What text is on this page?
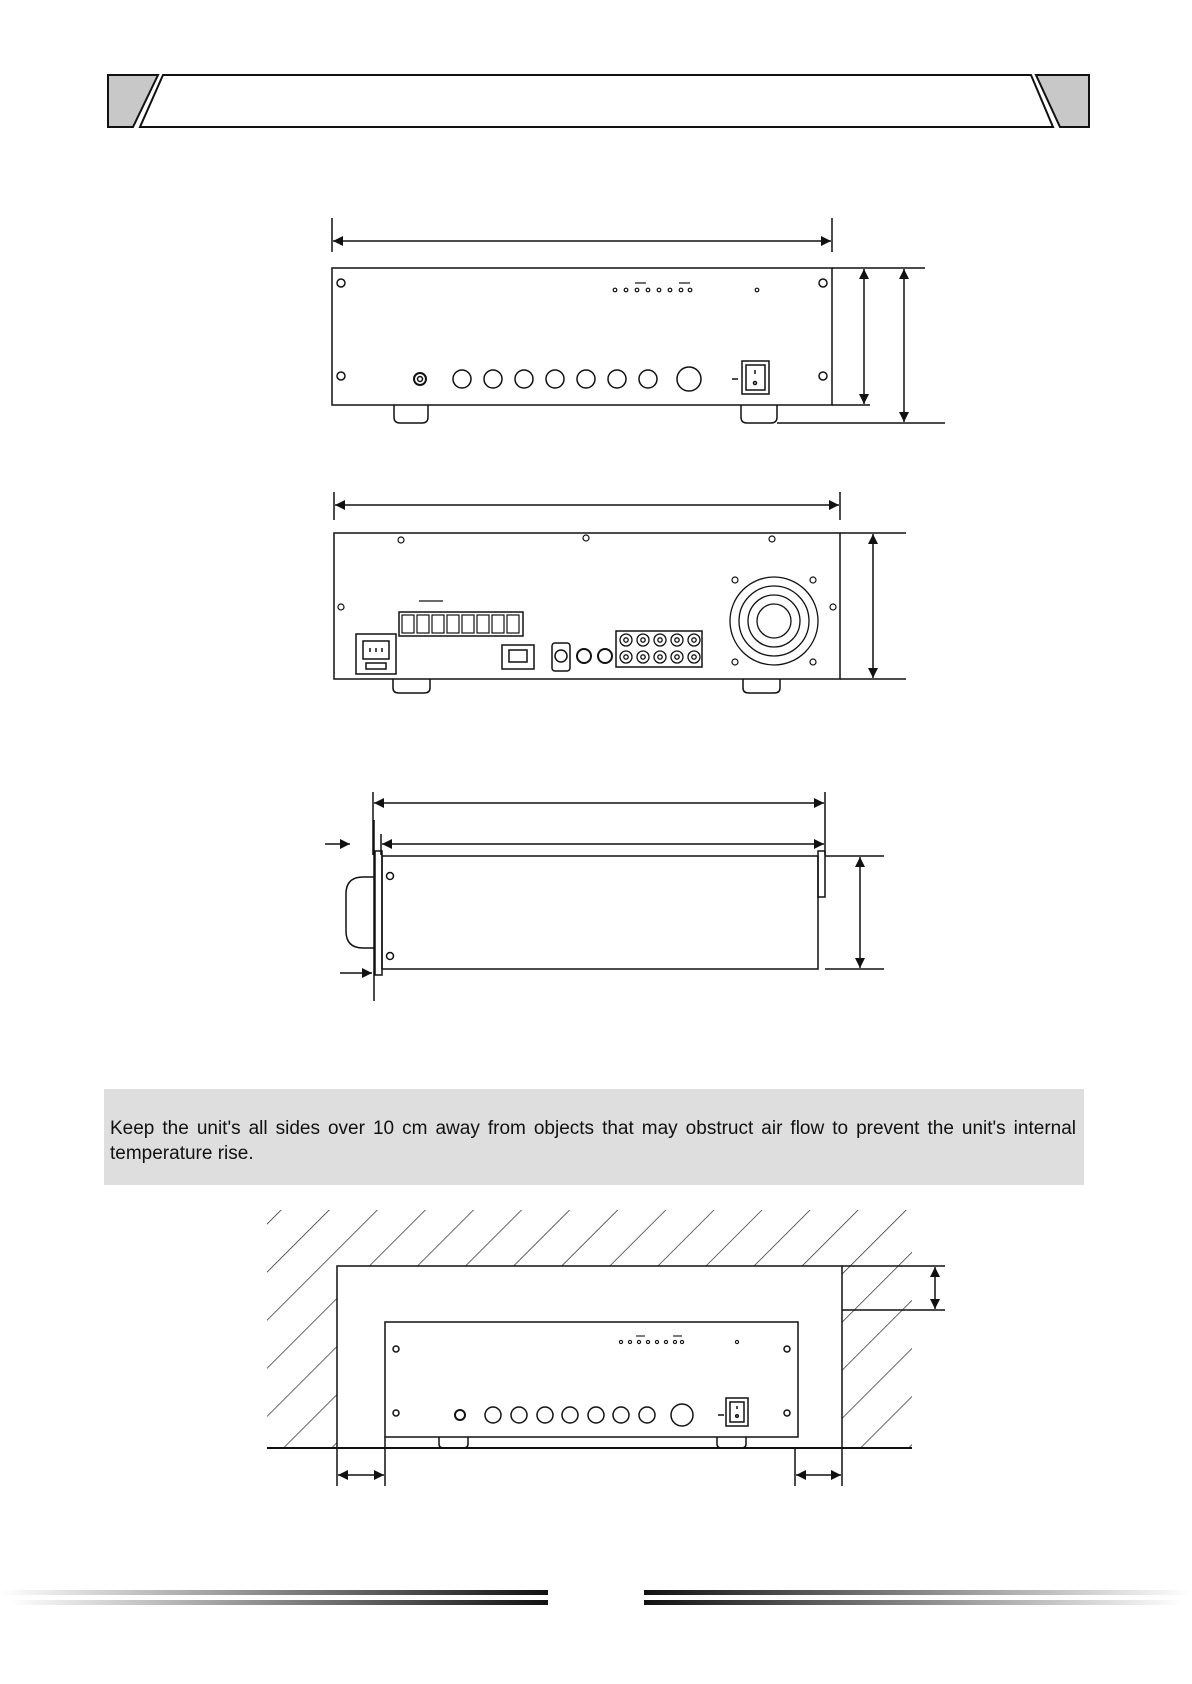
Keep the unit's all sides over 10 cm away from objects that may obstruct air flow to prevent the unit's internal temperature rise.
